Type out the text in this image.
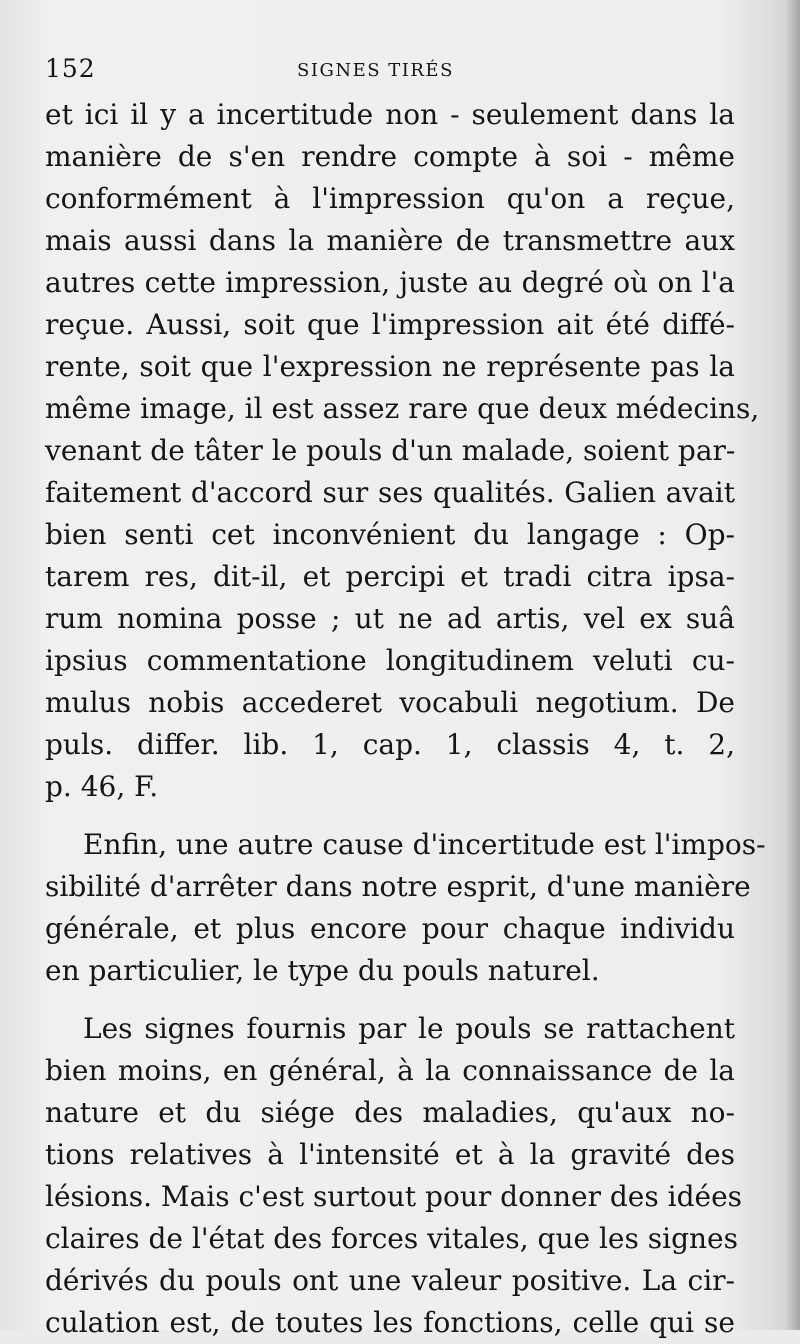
152	SIGNES TIRÉS
et ici il y a incertitude non - seulement dans la
manière de s'en rendre compte à soi - même
conformément à l'impression qu'on a reçue,
mais aussi dans la manière de transmettre aux
autres cette impression, juste au degré où on l'a
reçue. Aussi, soit que l'impression ait été diffé-
rente, soit que l'expression ne représente pas la
même image, il est assez rare que deux médecins,
venant de tâter le pouls d'un malade, soient par-
faitement d'accord sur ses qualités. Galien avait
bien senti cet inconvénient du langage : Op-
tarem res, dit-il, et percipi et tradi citra ipsa-
rum nomina posse ; ut ne ad artis, vel ex suâ
ipsius commentatione longitudinem veluti cu-
mulus nobis accederet vocabuli negotium. De
puls. differ. lib. 1, cap. 1, classis 4, t. 2,
p. 46, F.
Enfin, une autre cause d'incertitude est l'impos-
sibilité d'arrêter dans notre esprit, d'une manière
générale, et plus encore pour chaque individu
en particulier, le type du pouls naturel.
Les signes fournis par le pouls se rattachent
bien moins, en général, à la connaissance de la
nature et du siége des maladies, qu'aux no-
tions relatives à l'intensité et à la gravité des
lésions. Mais c'est surtout pour donner des idées
claires de l'état des forces vitales, que les signes
dérivés du pouls ont une valeur positive. La cir-
culation est, de toutes les fonctions, celle qui se
